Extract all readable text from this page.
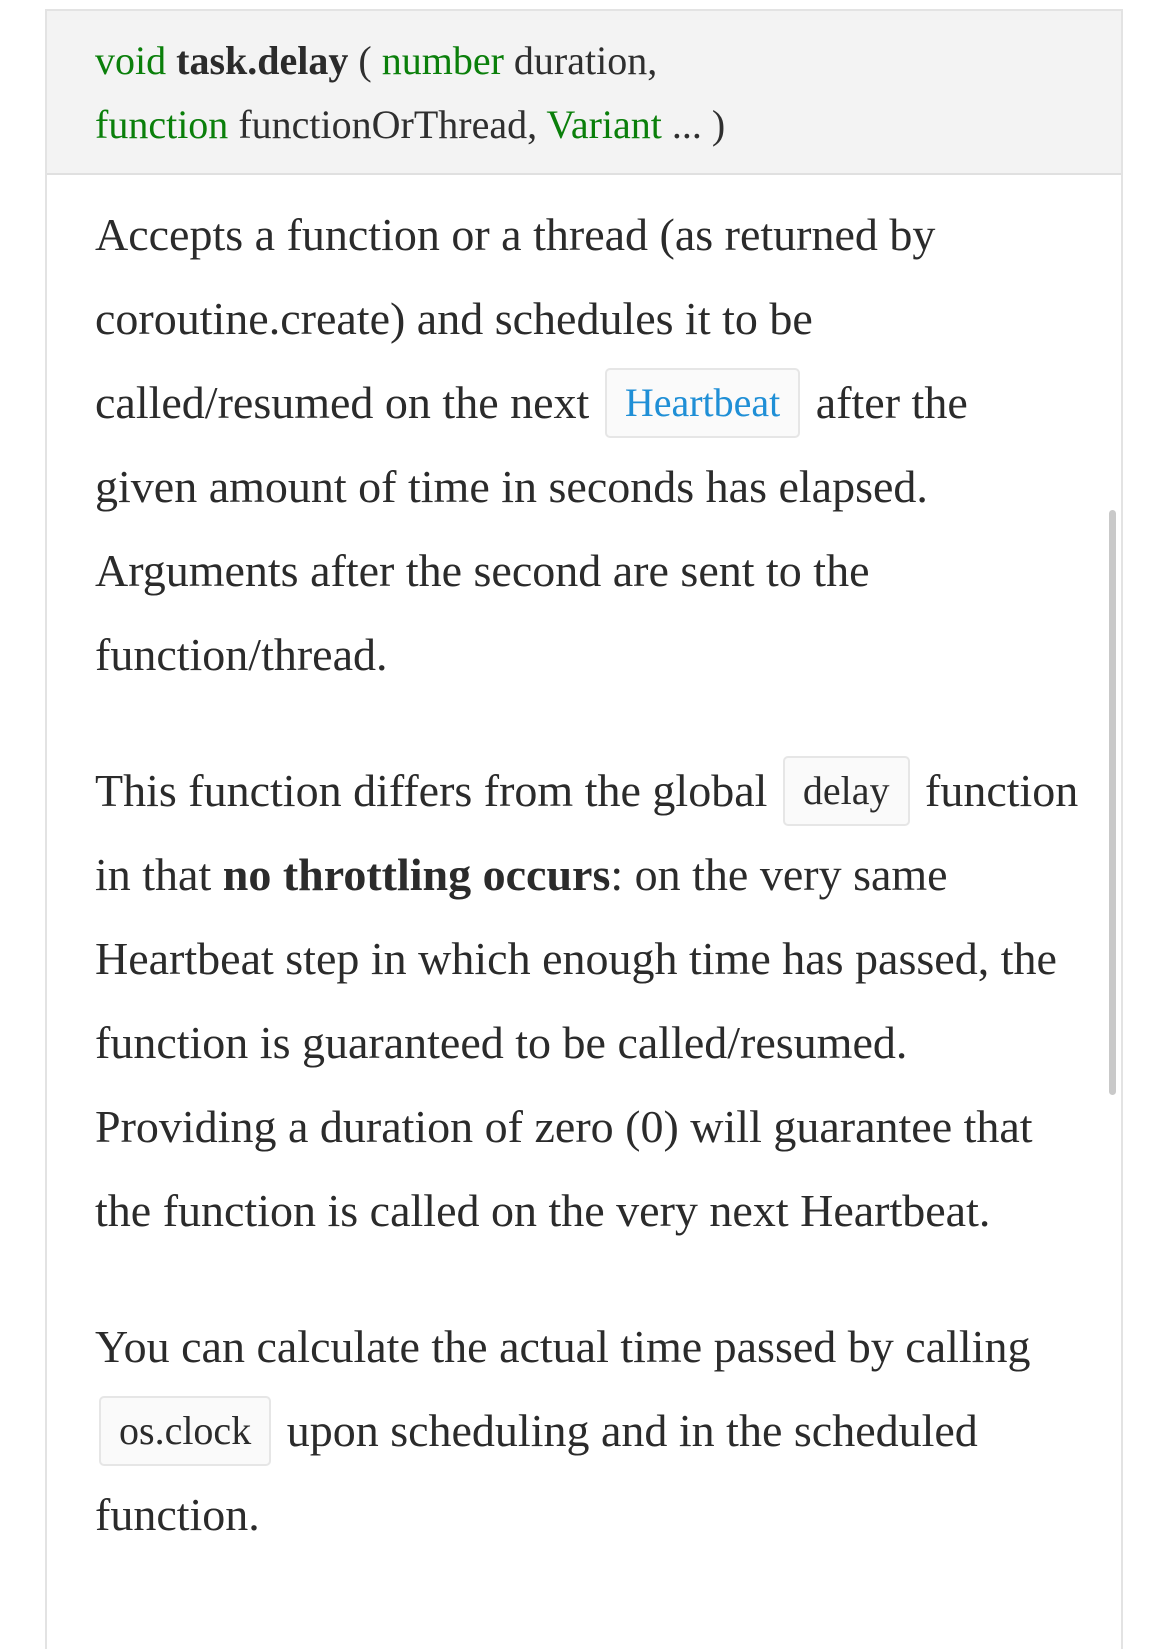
void task.delay ( number duration,
function functionOrThread, Variant ... )

Accepts a function or a thread (as returned by coroutine.create) and schedules it to be called/resumed on the next Heartbeat after the given amount of time in seconds has elapsed. Arguments after the second are sent to the function/thread.

This function differs from the global delay function in that no throttling occurs: on the very same Heartbeat step in which enough time has passed, the function is guaranteed to be called/resumed. Providing a duration of zero (0) will guarantee that the function is called on the very next Heartbeat.

You can calculate the actual time passed by calling os.clock upon scheduling and in the scheduled function.
